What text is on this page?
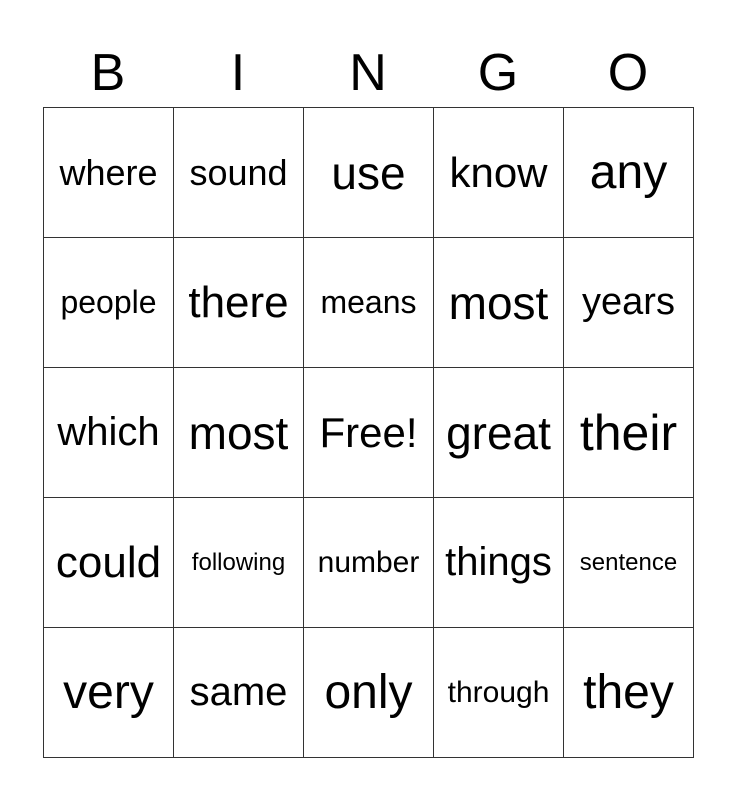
B	I	N	G	O
where sound use	know any
people there means most years
which most Free! great their
could	following	number things	sentence
very same only	through they
